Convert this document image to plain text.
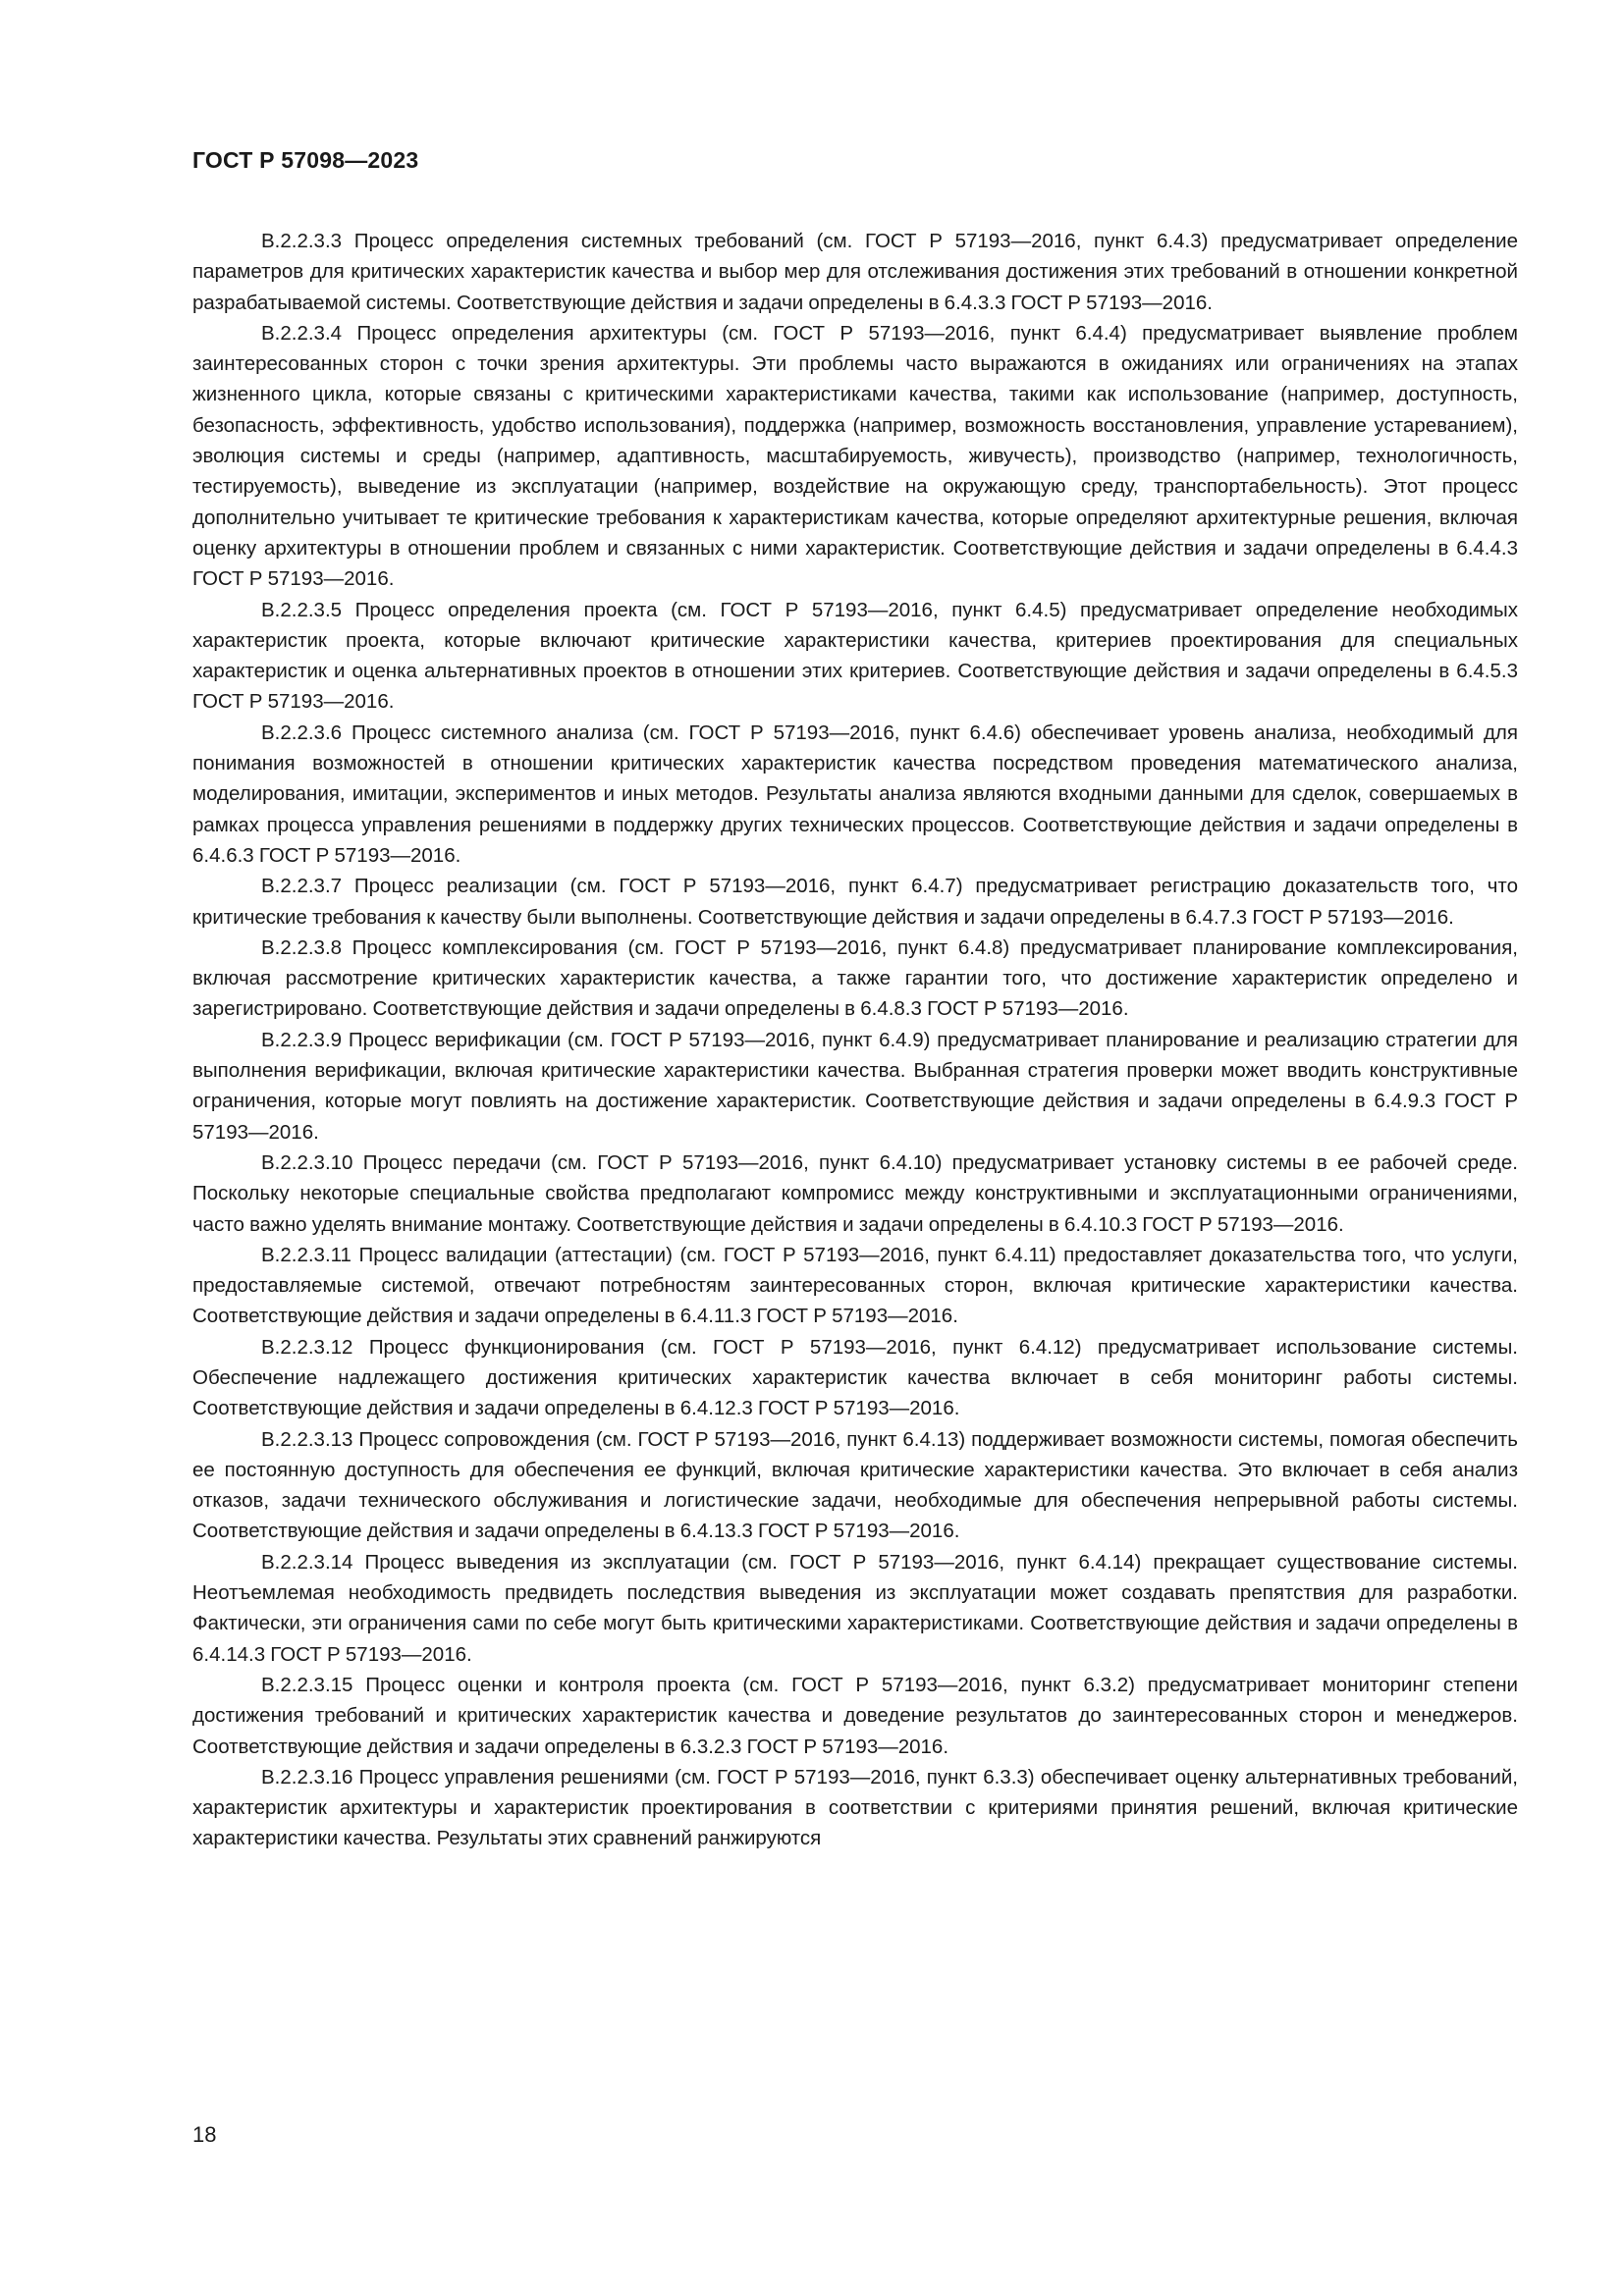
ГОСТ Р 57098—2023

В.2.2.3.3 Процесс определения системных требований (см. ГОСТ Р 57193—2016, пункт 6.4.3) предусматривает определение параметров для критических характеристик качества и выбор мер для отслеживания достижения этих требований в отношении конкретной разрабатываемой системы. Соответствующие действия и задачи определены в 6.4.3.3 ГОСТ Р 57193—2016.

В.2.2.3.4 Процесс определения архитектуры (см. ГОСТ Р 57193—2016, пункт 6.4.4) предусматривает выявление проблем заинтересованных сторон с точки зрения архитектуры. Эти проблемы часто выражаются в ожиданиях или ограничениях на этапах жизненного цикла, которые связаны с критическими характеристиками качества, такими как использование (например, доступность, безопасность, эффективность, удобство использования), поддержка (например, возможность восстановления, управление устареванием), эволюция системы и среды (например, адаптивность, масштабируемость, живучесть), производство (например, технологичность, тестируемость), выведение из эксплуатации (например, воздействие на окружающую среду, транспортабельность). Этот процесс дополнительно учитывает те критические требования к характеристикам качества, которые определяют архитектурные решения, включая оценку архитектуры в отношении проблем и связанных с ними характеристик. Соответствующие действия и задачи определены в 6.4.4.3 ГОСТ Р 57193—2016.

В.2.2.3.5 Процесс определения проекта (см. ГОСТ Р 57193—2016, пункт 6.4.5) предусматривает определение необходимых характеристик проекта, которые включают критические характеристики качества, критериев проектирования для специальных характеристик и оценка альтернативных проектов в отношении этих критериев. Соответствующие действия и задачи определены в 6.4.5.3 ГОСТ Р 57193—2016.

В.2.2.3.6 Процесс системного анализа (см. ГОСТ Р 57193—2016, пункт 6.4.6) обеспечивает уровень анализа, необходимый для понимания возможностей в отношении критических характеристик качества посредством проведения математического анализа, моделирования, имитации, экспериментов и иных методов. Результаты анализа являются входными данными для сделок, совершаемых в рамках процесса управления решениями в поддержку других технических процессов. Соответствующие действия и задачи определены в 6.4.6.3 ГОСТ Р 57193—2016.

В.2.2.3.7 Процесс реализации (см. ГОСТ Р 57193—2016, пункт 6.4.7) предусматривает регистрацию доказательств того, что критические требования к качеству были выполнены. Соответствующие действия и задачи определены в 6.4.7.3 ГОСТ Р 57193—2016.

В.2.2.3.8 Процесс комплексирования (см. ГОСТ Р 57193—2016, пункт 6.4.8) предусматривает планирование комплексирования, включая рассмотрение критических характеристик качества, а также гарантии того, что достижение характеристик определено и зарегистрировано. Соответствующие действия и задачи определены в 6.4.8.3 ГОСТ Р 57193—2016.

В.2.2.3.9 Процесс верификации (см. ГОСТ Р 57193—2016, пункт 6.4.9) предусматривает планирование и реализацию стратегии для выполнения верификации, включая критические характеристики качества. Выбранная стратегия проверки может вводить конструктивные ограничения, которые могут повлиять на достижение характеристик. Соответствующие действия и задачи определены в 6.4.9.3 ГОСТ Р 57193—2016.

В.2.2.3.10 Процесс передачи (см. ГОСТ Р 57193—2016, пункт 6.4.10) предусматривает установку системы в ее рабочей среде. Поскольку некоторые специальные свойства предполагают компромисс между конструктивными и эксплуатационными ограничениями, часто важно уделять внимание монтажу. Соответствующие действия и задачи определены в 6.4.10.3 ГОСТ Р 57193—2016.

В.2.2.3.11 Процесс валидации (аттестации) (см. ГОСТ Р 57193—2016, пункт 6.4.11) предоставляет доказательства того, что услуги, предоставляемые системой, отвечают потребностям заинтересованных сторон, включая критические характеристики качества. Соответствующие действия и задачи определены в 6.4.11.3 ГОСТ Р 57193—2016.

В.2.2.3.12 Процесс функционирования (см. ГОСТ Р 57193—2016, пункт 6.4.12) предусматривает использование системы. Обеспечение надлежащего достижения критических характеристик качества включает в себя мониторинг работы системы. Соответствующие действия и задачи определены в 6.4.12.3 ГОСТ Р 57193—2016.

В.2.2.3.13 Процесс сопровождения (см. ГОСТ Р 57193—2016, пункт 6.4.13) поддерживает возможности системы, помогая обеспечить ее постоянную доступность для обеспечения ее функций, включая критические характеристики качества. Это включает в себя анализ отказов, задачи технического обслуживания и логистические задачи, необходимые для обеспечения непрерывной работы системы. Соответствующие действия и задачи определены в 6.4.13.3 ГОСТ Р 57193—2016.

В.2.2.3.14 Процесс выведения из эксплуатации (см. ГОСТ Р 57193—2016, пункт 6.4.14) прекращает существование системы. Неотъемлемая необходимость предвидеть последствия выведения из эксплуатации может создавать препятствия для разработки. Фактически, эти ограничения сами по себе могут быть критическими характеристиками. Соответствующие действия и задачи определены в 6.4.14.3 ГОСТ Р 57193—2016.

В.2.2.3.15 Процесс оценки и контроля проекта (см. ГОСТ Р 57193—2016, пункт 6.3.2) предусматривает мониторинг степени достижения требований и критических характеристик качества и доведение результатов до заинтересованных сторон и менеджеров. Соответствующие действия и задачи определены в 6.3.2.3 ГОСТ Р 57193—2016.

В.2.2.3.16 Процесс управления решениями (см. ГОСТ Р 57193—2016, пункт 6.3.3) обеспечивает оценку альтернативных требований, характеристик архитектуры и характеристик проектирования в соответствии с критериями принятия решений, включая критические характеристики качества. Результаты этих сравнений ранжируются

18
